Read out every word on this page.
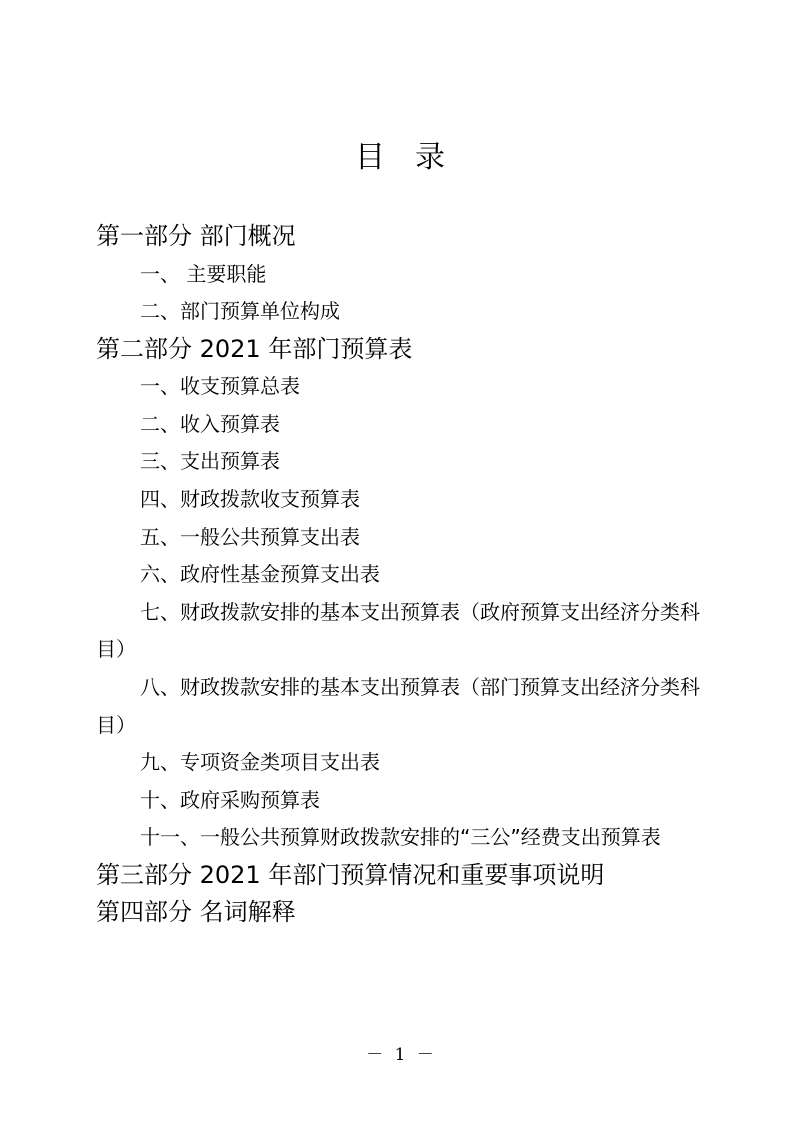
目录
第一部分 部门概况
一、 主要职能
二、部门预算单位构成
第二部分 2021 年部门预算表
一、收支预算总表
二、收入预算表
三、支出预算表
四、财政拨款收支预算表
五、一般公共预算支出表
六、政府性基金预算支出表
七、财政拨款安排的基本支出预算表（政府预算支出经济分类科目）
八、财政拨款安排的基本支出预算表（部门预算支出经济分类科目）
九、专项资金类项目支出表
十、政府采购预算表
十一、一般公共预算财政拨款安排的“三公”经费支出预算表
第三部分 2021 年部门预算情况和重要事项说明
第四部分 名词解释
－ 1 －
